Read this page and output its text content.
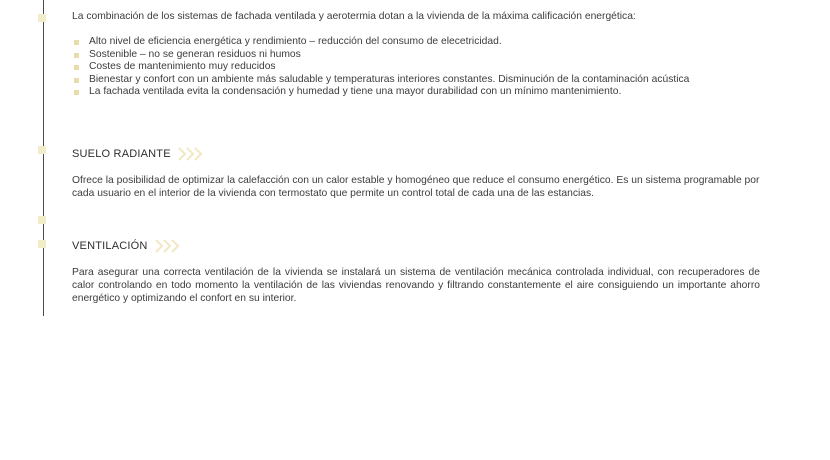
La combinación de los sistemas de fachada ventilada y aerotermia dotan a la vivienda de la máxima calificación energética:

Alto nivel de eficiencia energética y rendimiento – reducción del consumo de elecetricidad.
Sostenible – no se generan residuos ni humos
Costes de mantenimiento muy reducidos
Bienestar y confort con un ambiente más saludable y temperaturas interiores constantes. Disminución de la contaminación acústica
La fachada ventilada evita la condensación y humedad y tiene una mayor durabilidad con un mínimo mantenimiento.
SUELO RADIANTE

Ofrece la posibilidad de optimizar la calefacción con un calor estable y homogéneo que reduce el consumo energético. Es un sistema programable por cada usuario en el interior de la vivienda con termostato que permite un control total de cada una de las estancias.

VENTILACIÓN

Para asegurar una correcta ventilación de la vivienda se instalará un sistema de ventilación mecánica controlada individual, con recuperadores de calor controlando en todo momento la ventilación de las viviendas renovando y filtrando constantemente el aire consiguiendo un importante ahorro energético y optimizando el confort en su interior.
